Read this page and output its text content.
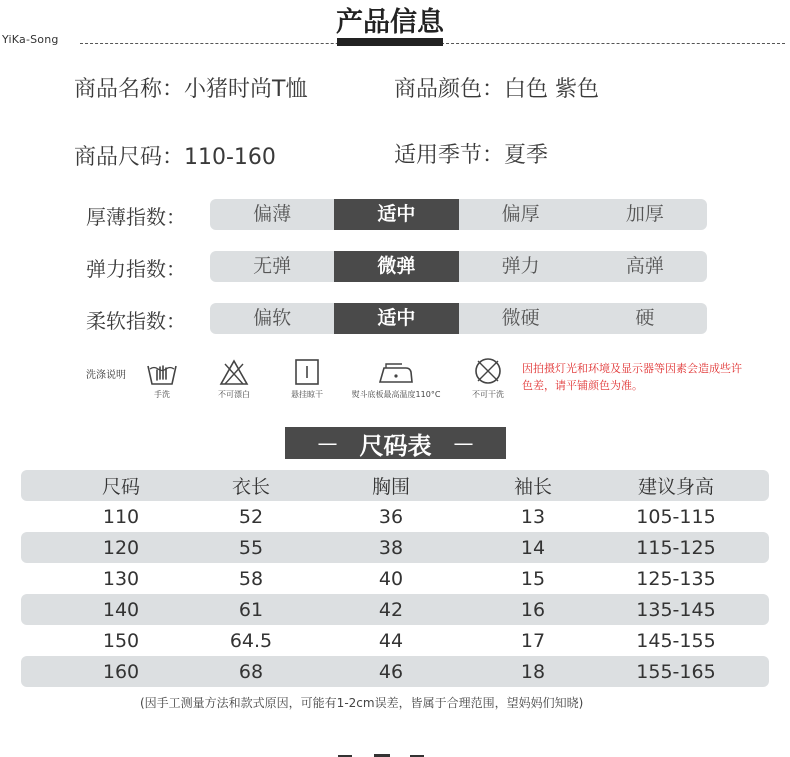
YiKa-Song
产品信息
商品名称：小猪时尚T恤	商品颜色：白色 紫色
商品尺码：110-160	适用季节：夏季
厚薄指数：	偏薄	适中	偏厚	加厚
弹力指数：	无弹	微弹	弹力	高弹
柔软指数：	偏软	适中	微硬	硬
洗涤说明
手洗	不可漂白	悬挂晾干	熨斗底板最高温度110°C	不可干洗
因拍摄灯光和环境及显示器等因素会造成些许色差，请平铺颜色为准。
— 尺码表 —
尺码	衣长	胸围	袖长	建议身高
110	52	36	13	105-115
120	55	38	14	115-125
130	58	40	15	125-135
140	61	42	16	135-145
150	64.5	44	17	145-155
160	68	46	18	155-165
(因手工测量方法和款式原因，可能有1-2cm误差，皆属于合理范围，望妈妈们知晓)
